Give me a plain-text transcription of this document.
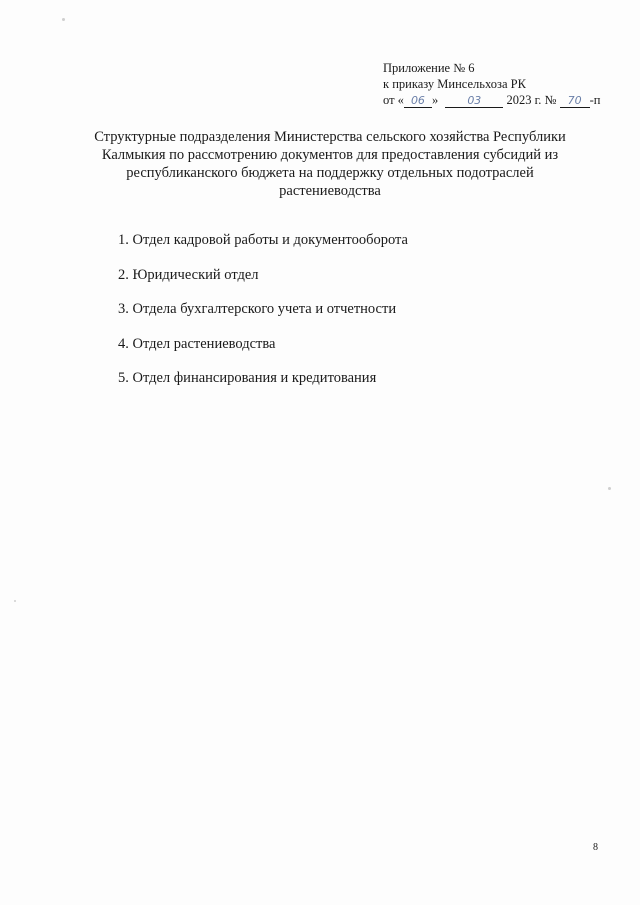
Приложение № 6
к приказу Минсельхоза РК
от « 06 »	03 2023 г. № 70 -п
Структурные подразделения Министерства сельского хозяйства Республики Калмыкия по рассмотрению документов для предоставления субсидий из республиканского бюджета на поддержку отдельных подотраслей растениеводства
1. Отдел кадровой работы и документооборота
2. Юридический отдел
3. Отдела бухгалтерского учета и отчетности
4. Отдел растениеводства
5. Отдел финансирования и кредитования
8
